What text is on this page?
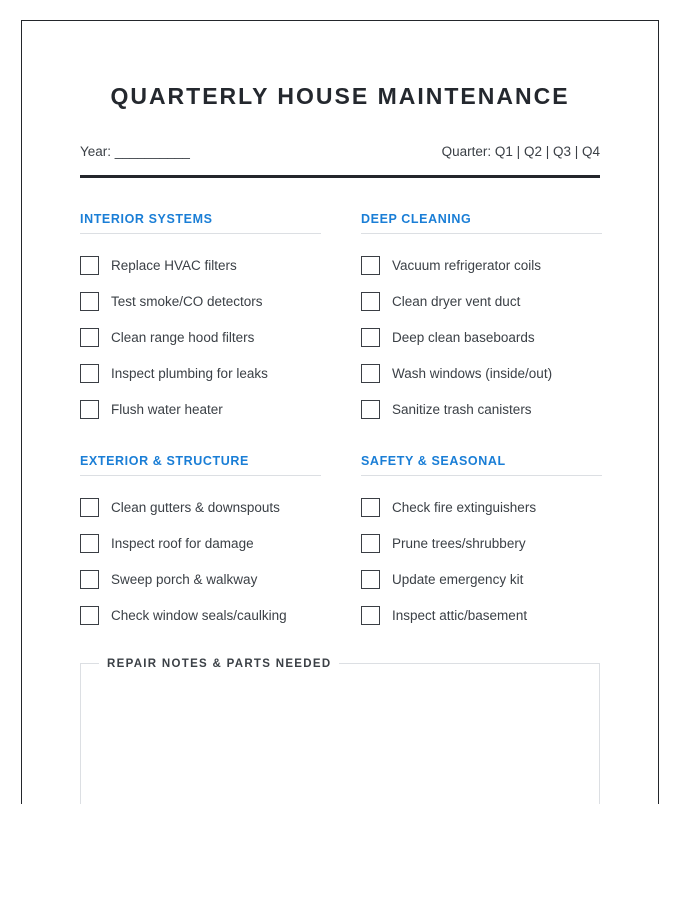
QUARTERLY HOUSE MAINTENANCE
Year: __________	Quarter: Q1 | Q2 | Q3 | Q4
INTERIOR SYSTEMS
Replace HVAC filters
Test smoke/CO detectors
Clean range hood filters
Inspect plumbing for leaks
Flush water heater
EXTERIOR & STRUCTURE
Clean gutters & downspouts
Inspect roof for damage
Sweep porch & walkway
Check window seals/caulking
DEEP CLEANING
Vacuum refrigerator coils
Clean dryer vent duct
Deep clean baseboards
Wash windows (inside/out)
Sanitize trash canisters
SAFETY & SEASONAL
Check fire extinguishers
Prune trees/shrubbery
Update emergency kit
Inspect attic/basement
REPAIR NOTES & PARTS NEEDED
